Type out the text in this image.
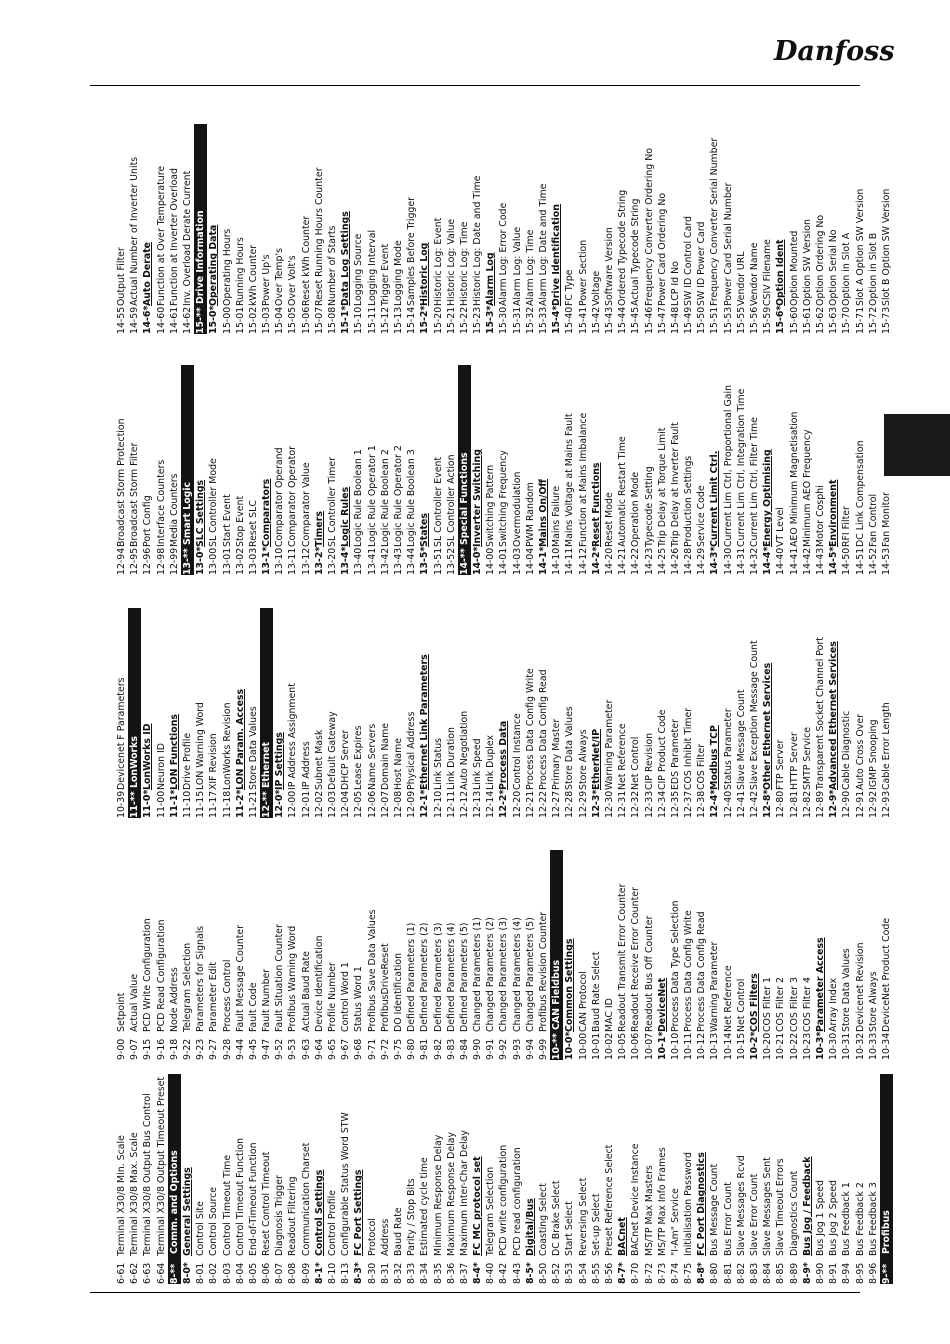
Danfoss
6-61
Terminal X30/8 Min. Scale
6-62
Terminal X30/8 Max. Scale
6-63
Terminal X30/8 Output Bus Control
6-64
Terminal X30/8 Output Timeout Preset
8-**
Comm. and Options
8-0*
General Settings
8-01
Control Site
8-02
Control Source
8-03
Control Timeout Time
8-04
Control Timeout Function
8-05
End-of-Timeout Function
8-06
Reset Control Timeout
8-07
Diagnosis Trigger
8-08
Readout Filtering
8-09
Communication Charset
8-1*
Control Settings
8-10
Control Profile
8-13
Configurable Status Word STW
8-3*
FC Port Settings
8-30
Protocol
8-31
Address
8-32
Baud Rate
8-33
Parity / Stop Bits
8-34
Estimated cycle time
8-35
Minimum Response Delay
8-36
Maximum Response Delay
8-37
Maximum Inter-Char Delay
8-4*
FC MC protocol set
8-40
Telegram Selection
8-42
PCD write configuration
8-43
PCD read configuration
8-5*
Digital/Bus
8-50
Coasting Select
8-52
DC Brake Select
8-53
Start Select
8-54
Reversing Select
8-55
Set-up Select
8-56
Preset Reference Select
8-7*
BACnet
8-70
BACnet Device Instance
8-72
MS/TP Max Masters
8-73
MS/TP Max Info Frames
8-74
"I-Am" Service
8-75
Initialisation Password
8-8*
FC Port Diagnostics
8-80
Bus Message Count
8-81
Bus Error Count
8-82
Slave Messages Rcvd
8-83
Slave Error Count
8-84
Slave Messages Sent
8-85
Slave Timeout Errors
8-89
Diagnostics Count
8-9*
Bus Jog / Feedback
8-90
Bus Jog 1 Speed
8-91
Bus Jog 2 Speed
8-94
Bus Feedback 1
8-95
Bus Feedback 2
8-96
Bus Feedback 3
9-**
Profibus
9-00
Setpoint
9-07
Actual Value
9-15
PCD Write Configuration
9-16
PCD Read Configuration
9-18
Node Address
9-22
Telegram Selection
9-23
Parameters for Signals
9-27
Parameter Edit
9-28
Process Control
9-44
Fault Message Counter
9-45
Fault Code
9-47
Fault Number
9-52
Fault Situation Counter
9-53
Profibus Warning Word
9-63
Actual Baud Rate
9-64
Device Identification
9-65
Profile Number
9-67
Control Word 1
9-68
Status Word 1
9-71
Profibus Save Data Values
9-72
ProfibusDriveReset
9-75
DO Identification
9-80
Defined Parameters (1)
9-81
Defined Parameters (2)
9-82
Defined Parameters (3)
9-83
Defined Parameters (4)
9-84
Defined Parameters (5)
9-90
Changed Parameters (1)
9-91
Changed Parameters (2)
9-92
Changed Parameters (3)
9-93
Changed Parameters (4)
9-94
Changed Parameters (5)
9-99
Profibus Revision Counter
10-**
CAN Fieldbus
10-0*
Common Settings
10-00
CAN Protocol
10-01
Baud Rate Select
10-02
MAC ID
10-05
Readout Transmit Error Counter
10-06
Readout Receive Error Counter
10-07
Readout Bus Off Counter
10-1*
DeviceNet
10-10
Process Data Type Selection
10-11
Process Data Config Write
10-12
Process Data Config Read
10-13
Warning Parameter
10-14
Net Reference
10-15
Net Control
10-2*
COS Filters
10-20
COS Filter 1
10-21
COS Filter 2
10-22
COS Filter 3
10-23
COS Filter 4
10-3*
Parameter Access
10-30
Array Index
10-31
Store Data Values
10-32
Devicenet Revision
10-33
Store Always
10-34
DeviceNet Product Code
10-39
Devicenet F Parameters
11-**
LonWorks
11-0*
LonWorks ID
11-00
Neuron ID
11-1*
LON Functions
11-10
Drive Profile
11-15
LON Warning Word
11-17
XIF Revision
11-18
LonWorks Revision
11-2*
LON Param. Access
11-21
Store Data Values
12-**
Ethernet
12-0*
IP Settings
12-00
IP Address Assignment
12-01
IP Address
12-02
Subnet Mask
12-03
Default Gateway
12-04
DHCP Server
12-05
Lease Expires
12-06
Name Servers
12-07
Domain Name
12-08
Host Name
12-09
Physical Address
12-1*
Ethernet Link Parameters
12-10
Link Status
12-11
Link Duration
12-12
Auto Negotiation
12-13
Link Speed
12-14
Link Duplex
12-2*
Process Data
12-20
Control Instance
12-21
Process Data Config Write
12-22
Process Data Config Read
12-27
Primary Master
12-28
Store Data Values
12-29
Store Always
12-3*
EtherNet/IP
12-30
Warning Parameter
12-31
Net Reference
12-32
Net Control
12-33
CIP Revision
12-34
CIP Product Code
12-35
EDS Parameter
12-37
COS Inhibit Timer
12-38
COS Filter
12-4*
Modbus TCP
12-40
Status Parameter
12-41
Slave Message Count
12-42
Slave Exception Message Count
12-8*
Other Ethernet Services
12-80
FTP Server
12-81
HTTP Server
12-82
SMTP Service
12-89
Transparent Socket Channel Port
12-9*
Advanced Ethernet Services
12-90
Cable Diagnostic
12-91
Auto Cross Over
12-92
IGMP Snooping
12-93
Cable Error Length
12-94
Broadcast Storm Protection
12-95
Broadcast Storm Filter
12-96
Port Config
12-98
Interface Counters
12-99
Media Counters
13-**
Smart Logic
13-0*
SLC Settings
13-00
SL Controller Mode
13-01
Start Event
13-02
Stop Event
13-03
Reset SLC
13-1*
Comparators
13-10
Comparator Operand
13-11
Comparator Operator
13-12
Comparator Value
13-2*
Timers
13-20
SL Controller Timer
13-4*
Logic Rules
13-40
Logic Rule Boolean 1
13-41
Logic Rule Operator 1
13-42
Logic Rule Boolean 2
13-43
Logic Rule Operator 2
13-44
Logic Rule Boolean 3
13-5*
States
13-51
SL Controller Event
13-52
SL Controller Action
14-**
Special Functions
14-0*
Inverter Switching
14-00
Switching Pattern
14-01
Switching Frequency
14-03
Overmodulation
14-04
PWM Random
14-1*
Mains On/Off
14-10
Mains Failure
14-11
Mains Voltage at Mains Fault
14-12
Function at Mains Imbalance
14-2*
Reset Functions
14-20
Reset Mode
14-21
Automatic Restart Time
14-22
Operation Mode
14-23
Typecode Setting
14-25
Trip Delay at Torque Limit
14-26
Trip Delay at Inverter Fault
14-28
Production Settings
14-29
Service Code
14-3*
Current Limit Ctrl.
14-30
Current Lim Ctrl, Proportional Gain
14-31
Current Lim Ctrl, Integration Time
14-32
Current Lim Ctrl, Filter Time
14-4*
Energy Optimising
14-40
VT Level
14-41
AEO Minimum Magnetisation
14-42
Minimum AEO Frequency
14-43
Motor Cosphi
14-5*
Environment
14-50
RFI Filter
14-51
DC Link Compensation
14-52
Fan Control
14-53
Fan Monitor
14-55
Output Filter
14-59
Actual Number of Inverter Units
14-6*
Auto Derate
14-60
Function at Over Temperature
14-61
Function at Inverter Overload
14-62
Inv. Overload Derate Current
15-**
Drive Information
15-0*
Operating Data
15-00
Operating Hours
15-01
Running Hours
15-02
kWh Counter
15-03
Power Up's
15-04
Over Temp's
15-05
Over Volt's
15-06
Reset kWh Counter
15-07
Reset Running Hours Counter
15-08
Number of Starts
15-1*
Data Log Settings
15-10
Logging Source
15-11
Logging Interval
15-12
Trigger Event
15-13
Logging Mode
15-14
Samples Before Trigger
15-2*
Historic Log
15-20
Historic Log: Event
15-21
Historic Log: Value
15-22
Historic Log: Time
15-23
Historic Log: Date and Time
15-3*
Alarm Log
15-30
Alarm Log: Error Code
15-31
Alarm Log: Value
15-32
Alarm Log: Time
15-33
Alarm Log: Date and Time
15-4*
Drive Identification
15-40
FC Type
15-41
Power Section
15-42
Voltage
15-43
Software Version
15-44
Ordered Typecode String
15-45
Actual Typecode String
15-46
Frequency Converter Ordering No
15-47
Power Card Ordering No
15-48
LCP Id No
15-49
SW ID Control Card
15-50
SW ID Power Card
15-51
Frequency Converter Serial Number
15-53
Power Card Serial Number
15-55
Vendor URL
15-56
Vendor Name
15-59
CSIV Filename
15-6*
Option Ident
15-60
Option Mounted
15-61
Option SW Version
15-62
Option Ordering No
15-63
Option Serial No
15-70
Option in Slot A
15-71
Slot A Option SW Version
15-72
Option in Slot B
15-73
Slot B Option SW Version
